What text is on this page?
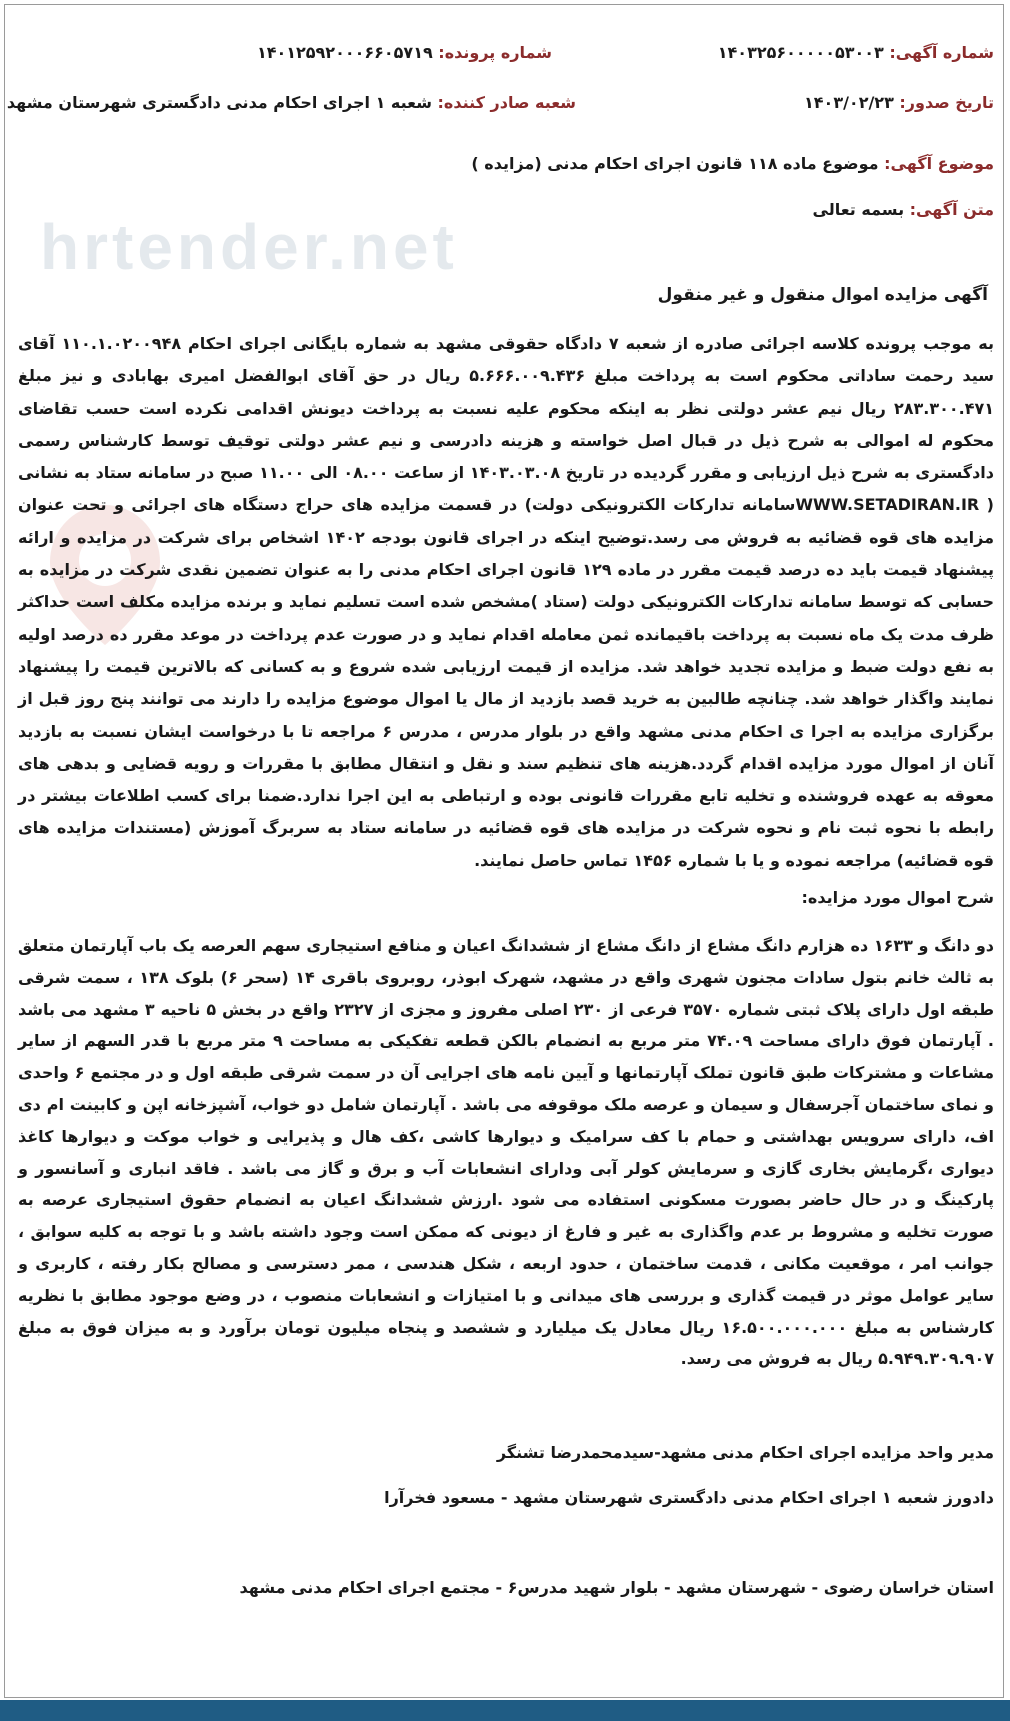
hrtender.net
شماره آگهی: ۱۴۰۳۲۵۶۰۰۰۰۰۵۳۰۰۳
شماره پرونده: ۱۴۰۱۲۵۹۲۰۰۰۶۶۰۵۷۱۹
تاریخ صدور: ۱۴۰۳/۰۲/۲۳
شعبه صادر کننده: شعبه ۱ اجرای احکام مدنی دادگستری شهرستان مشهد
موضوع آگهی: موضوع ماده ۱۱۸ قانون اجرای احکام مدنی (مزایده )
متن آگهی: بسمه تعالی
آگهی مزایده اموال منقول و غیر منقول
به موجب پرونده کلاسه اجرائی صادره از شعبه ۷ دادگاه حقوقی مشهد به شماره بایگانی اجرای احکام ۱۱۰.۱.۰۲۰۰۹۴۸ آقای سید رحمت ساداتی محکوم است به پرداخت مبلغ ۵.۶۶۶.۰۰۹.۴۳۶ ریال در حق آقای ابوالفضل امیری بهابادی و نیز مبلغ ۲۸۳.۳۰۰.۴۷۱ ریال نیم عشر دولتی نظر به اینکه محکوم علیه نسبت به پرداخت دیونش اقدامی نکرده است حسب تقاضای محکوم له اموالی به شرح ذیل در قبال اصل خواسته و هزینه دادرسی و نیم عشر دولتی توقیف توسط کارشناس رسمی دادگستری به شرح ذیل ارزیابی و مقرر گردیده در تاریخ ۱۴۰۳.۰۳.۰۸ از ساعت ۰۸.۰۰ الی ۱۱.۰۰ صبح در سامانه ستاد به نشانی ( WWW.SETADIRAN.IRسامانه تدارکات الکترونیکی دولت) در قسمت مزایده های حراج دستگاه های اجرائی و تحت عنوان مزایده های قوه قضائیه به فروش می رسد.توضیح اینکه در اجرای قانون بودجه ۱۴۰۲ اشخاص برای شرکت در مزایده و ارائه پیشنهاد قیمت باید ده درصد قیمت مقرر در ماده ۱۲۹ قانون اجرای احکام مدنی را به عنوان تضمین نقدی شرکت در مزایده به حسابی که توسط سامانه تدارکات الکترونیکی دولت (ستاد )مشخص شده است تسلیم نماید و برنده مزایده مکلف است حداکثر ظرف مدت یک ماه نسبت به پرداخت باقیمانده ثمن معامله اقدام نماید و در صورت عدم پرداخت در موعد مقرر ده درصد اولیه به نفع دولت ضبط و مزایده تجدید خواهد شد. مزایده از قیمت ارزیابی شده شروع و به کسانی که بالاترین قیمت را پیشنهاد نمایند واگذار خواهد شد. چنانچه طالبین به خرید قصد بازدید از مال یا اموال موضوع مزایده را دارند می توانند پنج روز قبل از برگزاری مزایده به اجرا ی احکام مدنی مشهد واقع در بلوار مدرس ، مدرس ۶ مراجعه تا با درخواست ایشان نسبت به بازدید آنان از اموال مورد مزایده اقدام گردد.هزینه های تنظیم سند و نقل و انتقال مطابق با مقررات و رویه قضایی و بدهی های معوقه به عهده فروشنده و تخلیه تابع مقررات قانونی بوده و ارتباطی به این اجرا ندارد.ضمنا برای کسب اطلاعات بیشتر در رابطه با نحوه ثبت نام و نحوه شرکت در مزایده های قوه قضائیه در سامانه ستاد به سربرگ آموزش (مستندات مزایده های قوه قضائیه) مراجعه نموده و یا با شماره ۱۴۵۶ تماس حاصل نمایند.
شرح اموال مورد مزایده:
دو دانگ و ۱۶۳۳ ده هزارم دانگ مشاع از دانگ مشاع از ششدانگ اعیان و منافع استیجاری سهم العرصه یک باب آپارتمان متعلق به ثالث خانم بتول سادات مجنون شهری واقع در مشهد، شهرک ابوذر، روبروی باقری ۱۴ (سحر ۶) بلوک ۱۳۸ ، سمت شرقی طبقه اول دارای پلاک ثبتی شماره ۳۵۷۰ فرعی از ۲۳۰ اصلی مفروز و مجزی از ۲۳۲۷ واقع در بخش ۵ ناحیه ۳ مشهد می باشد . آپارتمان فوق دارای مساحت ۷۴.۰۹ متر مربع به انضمام بالکن قطعه تفکیکی به مساحت ۹ متر مربع با قدر السهم از سایر مشاعات و مشترکات طبق قانون تملک آپارتمانها و آیین نامه های اجرایی آن در سمت شرقی طبقه اول و در مجتمع ۶ واحدی و نمای ساختمان آجرسفال و سیمان و عرصه ملک موقوفه می باشد . آپارتمان شامل دو خواب، آشپزخانه اپن و کابینت ام دی اف، دارای سرویس بهداشتی و حمام با کف سرامیک و دیوارها کاشی ،کف هال و پذیرایی و خواب موکت و دیوارها کاغذ دیواری ،گرمایش بخاری گازی و سرمایش کولر آبی ودارای انشعابات آب و برق و گاز می باشد . فاقد انباری و آسانسور و پارکینگ و در حال حاضر بصورت مسکونی استفاده می شود .ارزش ششدانگ اعیان به انضمام حقوق استیجاری عرصه به صورت تخلیه و مشروط بر عدم واگذاری به غیر و فارغ از دیونی که ممکن است وجود داشته باشد و با توجه به کلیه سوابق ، جوانب امر ، موقعیت مکانی ، قدمت ساختمان ، حدود اربعه ، شکل هندسی ، ممر دسترسی و مصالح بکار رفته ، کاربری و سایر عوامل موثر در قیمت گذاری و بررسی های میدانی و با امتیازات و انشعابات منصوب ، در وضع موجود مطابق با نظریه کارشناس به مبلغ ۱۶.۵۰۰.۰۰۰.۰۰۰ ریال معادل یک میلیارد و ششصد و پنجاه میلیون تومان برآورد و به میزان فوق به مبلغ ۵.۹۴۹.۳۰۹.۹۰۷ ریال به فروش می رسد.
مدیر واحد مزایده اجرای احکام مدنی مشهد-سیدمحمدرضا تشنگر
دادورز شعبه ۱ اجرای احکام مدنی دادگستری شهرستان مشهد - مسعود فخرآرا
استان خراسان رضوی - شهرستان مشهد - بلوار شهید مدرس۶ - مجتمع اجرای احکام مدنی مشهد
